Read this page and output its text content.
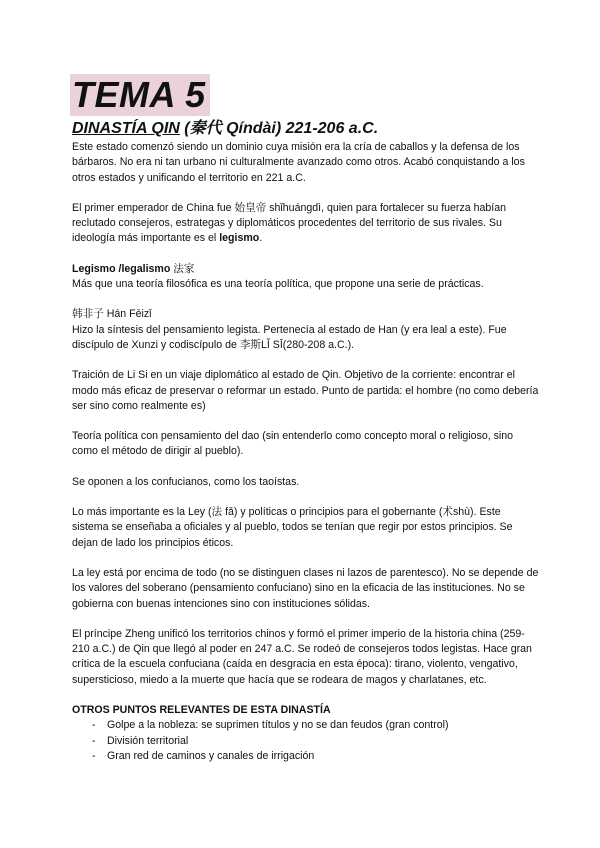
TEMA 5
DINASTÍA QIN (秦代 Qíndài) 221-206 a.C.

Este estado comenzó siendo un dominio cuya misión era la cría de caballos y la defensa de los bárbaros. No era ni tan urbano ni culturalmente avanzado como otros. Acabó conquistando a los otros estados y unificando el territorio en 221 a.C.

El primer emperador de China fue 始皇帝 shǐhuángdì, quien para fortalecer su fuerza habían reclutado consejeros, estrategas y diplomáticos procedentes del territorio de sus rivales. Su ideología más importante es el legismo.

Legismo /legalismo 法家

Más que una teoría filosófica es una teoría política, que propone una serie de prácticas.

韩非子 Hán Fēizǐ

Hizo la síntesis del pensamiento legista. Pertenecía al estado de Han (y era leal a este). Fue discípulo de Xunzi y codiscípulo de 李斯LǏ SĪ(280-208 a.C.).

Traición de Li Si en un viaje diplomático al estado de Qin. Objetivo de la corriente: encontrar el modo más eficaz de preservar o reformar un estado. Punto de partida: el hombre (no como debería ser sino como realmente es)

Teoría política con pensamiento del dao (sin entenderlo como concepto moral o religioso, sino como el método de dirigir al pueblo).

Se oponen a los confucianos, como los taoístas.

Lo más importante es la Ley (法 fǎ) y políticas o principios para el gobernante (术shù). Este sistema se enseñaba a oficiales y al pueblo, todos se tenían que regir por estos principios. Se dejan de lado los principios éticos.

La ley está por encima de todo (no se distinguen clases ni lazos de parentesco). No se depende de los valores del soberano (pensamiento confuciano) sino en la eficacia de las instituciones. No se gobierna con buenas intenciones sino con instituciones sólidas.

El príncipe Zheng unificó los territorios chinos y formó el primer imperio de la historia china (259-210 a.C.) de Qin que llegó al poder en 247 a.C. Se rodeó de consejeros todos legistas. Hace gran crítica de la escuela confuciana (caída en desgracia en esta época): tirano, violento, vengativo, supersticioso, miedo a la muerte que hacía que se rodeara de magos y charlatanes, etc.

OTROS PUNTOS RELEVANTES DE ESTA DINASTÍA

- Golpe a la nobleza: se suprimen títulos y no se dan feudos (gran control)
- División territorial
- Gran red de caminos y canales de irrigación
